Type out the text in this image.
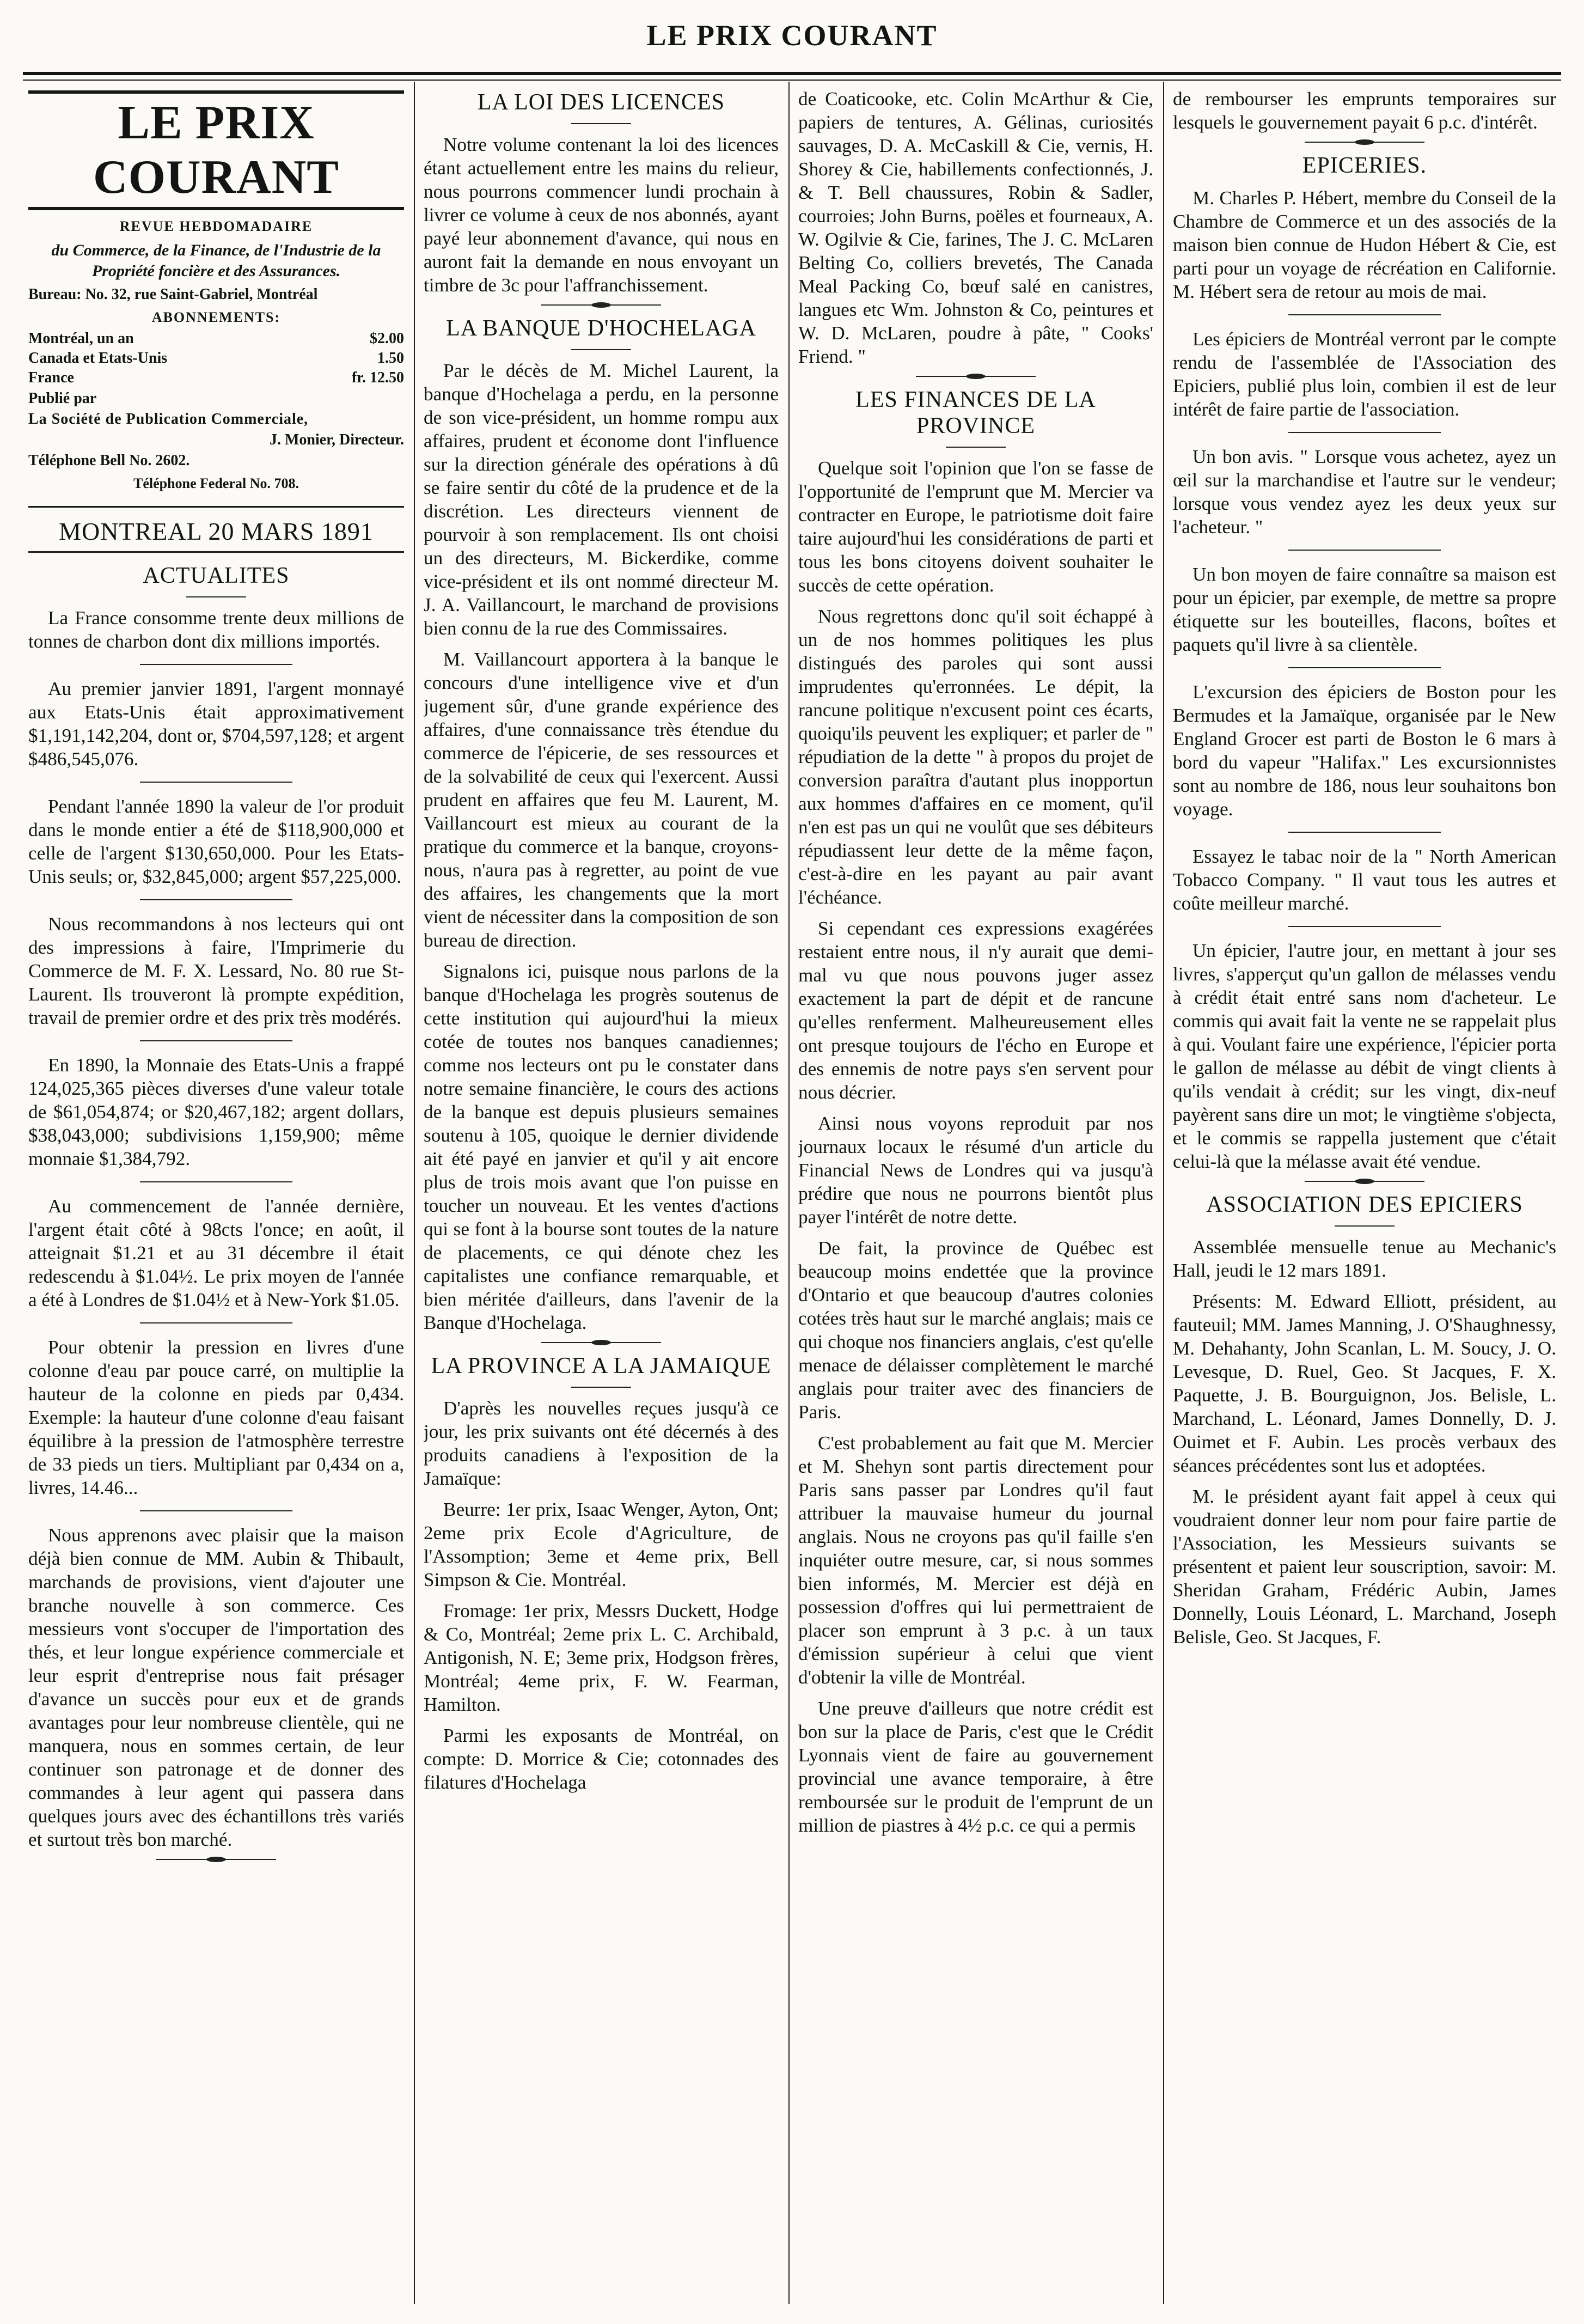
LE PRIX COURANT
LE PRIX COURANT
REVUE HEBDOMADAIRE
du Commerce, de la Finance, de l'Industrie de la Propriété foncière et des Assurances.
Bureau: No. 32, rue Saint-Gabriel, Montréal
ABONNEMENTS:
Montréal, un an	$2.00
Canada et Etats-Unis	1.50
France	fr. 12.50
Publié par
La Société de Publication Commerciale,
J. Monier, Directeur.
Téléphone Bell No. 2602.
Téléphone Federal No. 708.
MONTREAL 20 MARS 1891
ACTUALITES

La France consomme trente deux millions de tonnes de charbon dont dix millions importés.

Au premier janvier 1891, l'argent monnayé aux Etats-Unis était approximativement $1,191,142,204, dont or, $704,597,128; et argent $486,545,076.

Pendant l'année 1890 la valeur de l'or produit dans le monde entier a été de $118,900,000 et celle de l'argent $130,650,000. Pour les Etats-Unis seuls; or, $32,845,000; argent $57,225,000.

Nous recommandons à nos lecteurs qui ont des impressions à faire, l'Imprimerie du Commerce de M. F. X. Lessard, No. 80 rue St-Laurent. Ils trouveront là prompte expédition, travail de premier ordre et des prix très modérés.

En 1890, la Monnaie des Etats-Unis a frappé 124,025,365 pièces diverses d'une valeur totale de $61,054,874; or $20,467,182; argent dollars, $38,043,000; subdivisions 1,159,900; même monnaie $1,384,792.

Au commencement de l'année dernière, l'argent était côté à 98cts l'once; en août, il atteignait $1.21 et au 31 décembre il était redescendu à $1.04½. Le prix moyen de l'année a été à Londres de $1.04½ et à New-York $1.05.

Pour obtenir la pression en livres d'une colonne d'eau par pouce carré, on multiplie la hauteur de la colonne en pieds par 0,434. Exemple: la hauteur d'une colonne d'eau faisant équilibre à la pression de l'atmosphère terrestre de 33 pieds un tiers. Multipliant par 0,434 on a, livres, 14.46...

Nous apprenons avec plaisir que la maison déjà bien connue de MM. Aubin & Thibault, marchands de provisions, vient d'ajouter une branche nouvelle à son commerce. Ces messieurs vont s'occuper de l'importation des thés, et leur longue expérience commerciale et leur esprit d'entreprise nous fait présager d'avance un succès pour eux et de grands avantages pour leur nombreuse clientèle, qui ne manquera, nous en sommes certain, de leur continuer son patronage et de donner des commandes à leur agent qui passera dans quelques jours avec des échantillons très variés et surtout très bon marché.

LA LOI DES LICENCES

Notre volume contenant la loi des licences étant actuellement entre les mains du relieur, nous pourrons commencer lundi prochain à livrer ce volume à ceux de nos abonnés, ayant payé leur abonnement d'avance, qui nous en auront fait la demande en nous envoyant un timbre de 3c pour l'affranchissement.

LA BANQUE D'HOCHELAGA

Par le décès de M. Michel Laurent, la banque d'Hochelaga a perdu, en la personne de son vice-président, un homme rompu aux affaires, prudent et économe dont l'influence sur la direction générale des opérations à dû se faire sentir du côté de la prudence et de la discrétion. Les directeurs viennent de pourvoir à son remplacement. Ils ont choisi un des directeurs, M. Bickerdike, comme vice-président et ils ont nommé directeur M. J. A. Vaillancourt, le marchand de provisions bien connu de la rue des Commissaires.

M. Vaillancourt apportera à la banque le concours d'une intelligence vive et d'un jugement sûr, d'une grande expérience des affaires, d'une connaissance très étendue du commerce de l'épicerie, de ses ressources et de la solvabilité de ceux qui l'exercent. Aussi prudent en affaires que feu M. Laurent, M. Vaillancourt est mieux au courant de la pratique du commerce et la banque, croyons-nous, n'aura pas à regretter, au point de vue des affaires, les changements que la mort vient de nécessiter dans la composition de son bureau de direction.

Signalons ici, puisque nous parlons de la banque d'Hochelaga les progrès soutenus de cette institution qui aujourd'hui la mieux cotée de toutes nos banques canadiennes; comme nos lecteurs ont pu le constater dans notre semaine financière, le cours des actions de la banque est depuis plusieurs semaines soutenu à 105, quoique le dernier dividende ait été payé en janvier et qu'il y ait encore plus de trois mois avant que l'on puisse en toucher un nouveau. Et les ventes d'actions qui se font à la bourse sont toutes de la nature de placements, ce qui dénote chez les capitalistes une confiance remarquable, et bien méritée d'ailleurs, dans l'avenir de la Banque d'Hochelaga.

LA PROVINCE A LA JAMAIQUE

D'après les nouvelles reçues jusqu'à ce jour, les prix suivants ont été décernés à des produits canadiens à l'exposition de la Jamaïque:

Beurre: 1er prix, Isaac Wenger, Ayton, Ont; 2eme prix Ecole d'Agriculture, de l'Assomption; 3eme et 4eme prix, Bell Simpson & Cie. Montréal.

Fromage: 1er prix, Messrs Duckett, Hodge & Co, Montréal; 2eme prix L. C. Archibald, Antigonish, N. E; 3eme prix, Hodgson frères, Montréal; 4eme prix, F. W. Fearman, Hamilton.

Parmi les exposants de Montréal, on compte: D. Morrice & Cie; cotonnades des filatures d'Hochelaga

de Coaticooke, etc. Colin McArthur & Cie, papiers de tentures, A. Gélinas, curiosités sauvages, D. A. McCaskill & Cie, vernis, H. Shorey & Cie, habillements confectionnés, J. & T. Bell chaussures, Robin & Sadler, courroies; John Burns, poëles et fourneaux, A. W. Ogilvie & Cie, farines, The J. C. McLaren Belting Co, colliers brevetés, The Canada Meal Packing Co, bœuf salé en canistres, langues etc Wm. Johnston & Co, peintures et W. D. McLaren, poudre à pâte, " Cooks' Friend. "

LES FINANCES DE LA PROVINCE

Quelque soit l'opinion que l'on se fasse de l'opportunité de l'emprunt que M. Mercier va contracter en Europe, le patriotisme doit faire taire aujourd'hui les considérations de parti et tous les bons citoyens doivent souhaiter le succès de cette opération.

Nous regrettons donc qu'il soit échappé à un de nos hommes politiques les plus distingués des paroles qui sont aussi imprudentes qu'erronnées. Le dépit, la rancune politique n'excusent point ces écarts, quoiqu'ils peuvent les expliquer; et parler de " répudiation de la dette " à propos du projet de conversion paraîtra d'autant plus inopportun aux hommes d'affaires en ce moment, qu'il n'en est pas un qui ne voulût que ses débiteurs répudiassent leur dette de la même façon, c'est-à-dire en les payant au pair avant l'échéance.

Si cependant ces expressions exagérées restaient entre nous, il n'y aurait que demi-mal vu que nous pouvons juger assez exactement la part de dépit et de rancune qu'elles renferment. Malheureusement elles ont presque toujours de l'écho en Europe et des ennemis de notre pays s'en servent pour nous décrier.

Ainsi nous voyons reproduit par nos journaux locaux le résumé d'un article du Financial News de Londres qui va jusqu'à prédire que nous ne pourrons bientôt plus payer l'intérêt de notre dette.

De fait, la province de Québec est beaucoup moins endettée que la province d'Ontario et que beaucoup d'autres colonies cotées très haut sur le marché anglais; mais ce qui choque nos financiers anglais, c'est qu'elle menace de délaisser complètement le marché anglais pour traiter avec des financiers de Paris.

C'est probablement au fait que M. Mercier et M. Shehyn sont partis directement pour Paris sans passer par Londres qu'il faut attribuer la mauvaise humeur du journal anglais. Nous ne croyons pas qu'il faille s'en inquiéter outre mesure, car, si nous sommes bien informés, M. Mercier est déjà en possession d'offres qui lui permettraient de placer son emprunt à 3 p.c. à un taux d'émission supérieur à celui que vient d'obtenir la ville de Montréal.

Une preuve d'ailleurs que notre crédit est bon sur la place de Paris, c'est que le Crédit Lyonnais vient de faire au gouvernement provincial une avance temporaire, à être remboursée sur le produit de l'emprunt de un million de piastres à 4½ p.c. ce qui a permis

de rembourser les emprunts temporaires sur lesquels le gouvernement payait 6 p.c. d'intérêt.

EPICERIES.

M. Charles P. Hébert, membre du Conseil de la Chambre de Commerce et un des associés de la maison bien connue de Hudon Hébert & Cie, est parti pour un voyage de récréation en Californie. M. Hébert sera de retour au mois de mai.

Les épiciers de Montréal verront par le compte rendu de l'assemblée de l'Association des Epiciers, publié plus loin, combien il est de leur intérêt de faire partie de l'association.

Un bon avis. " Lorsque vous achetez, ayez un œil sur la marchandise et l'autre sur le vendeur; lorsque vous vendez ayez les deux yeux sur l'acheteur. "

Un bon moyen de faire connaître sa maison est pour un épicier, par exemple, de mettre sa propre étiquette sur les bouteilles, flacons, boîtes et paquets qu'il livre à sa clientèle.

L'excursion des épiciers de Boston pour les Bermudes et la Jamaïque, organisée par le New England Grocer est parti de Boston le 6 mars à bord du vapeur "Halifax." Les excursionnistes sont au nombre de 186, nous leur souhaitons bon voyage.

Essayez le tabac noir de la " North American Tobacco Company. " Il vaut tous les autres et coûte meilleur marché.

Un épicier, l'autre jour, en mettant à jour ses livres, s'apperçut qu'un gallon de mélasses vendu à crédit était entré sans nom d'acheteur. Le commis qui avait fait la vente ne se rappelait plus à qui. Voulant faire une expérience, l'épicier porta le gallon de mélasse au débit de vingt clients à qu'ils vendait à crédit; sur les vingt, dix-neuf payèrent sans dire un mot; le vingtième s'objecta, et le commis se rappella justement que c'était celui-là que la mélasse avait été vendue.

ASSOCIATION DES EPICIERS

Assemblée mensuelle tenue au Mechanic's Hall, jeudi le 12 mars 1891.

Présents: M. Edward Elliott, président, au fauteuil; MM. James Manning, J. O'Shaughnessy, M. Dehahanty, John Scanlan, L. M. Soucy, J. O. Levesque, D. Ruel, Geo. St Jacques, F. X. Paquette, J. B. Bourguignon, Jos. Belisle, L. Marchand, L. Léonard, James Donnelly, D. J. Ouimet et F. Aubin. Les procès verbaux des séances précédentes sont lus et adoptées.

M. le président ayant fait appel à ceux qui voudraient donner leur nom pour faire partie de l'Association, les Messieurs suivants se présentent et paient leur souscription, savoir: M. Sheridan Graham, Frédéric Aubin, James Donnelly, Louis Léonard, L. Marchand, Joseph Belisle, Geo. St Jacques, F.
